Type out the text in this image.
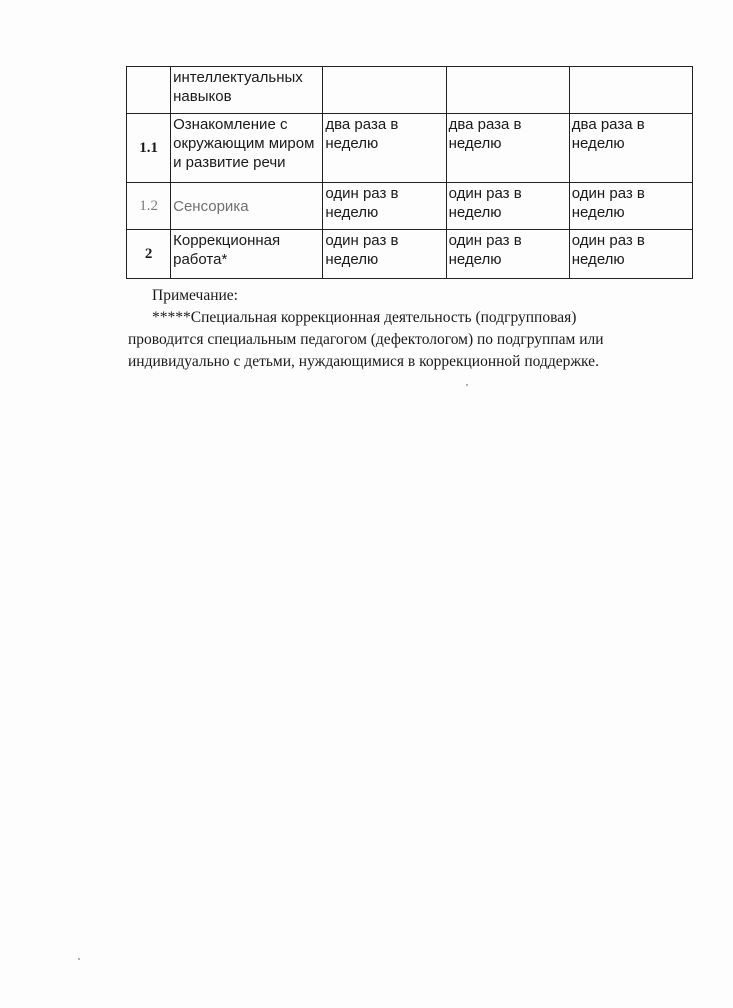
	интеллектуальных навыков			
1.1	Ознакомление с окружающим миром и развитие речи	два раза в неделю	два раза в неделю	два раза в неделю
1.2	Сенсорика	один раз в неделю	один раз в неделю	один раз в неделю
2	Коррекционная работа*	один раз в неделю	один раз в неделю	один раз в неделю

Примечание:

*****Специальная коррекционная деятельность (подгрупповая)

проводится специальным педагогом (дефектологом) по подгруппам или

индивидуально с детьми, нуждающимися в коррекционной поддержке.
